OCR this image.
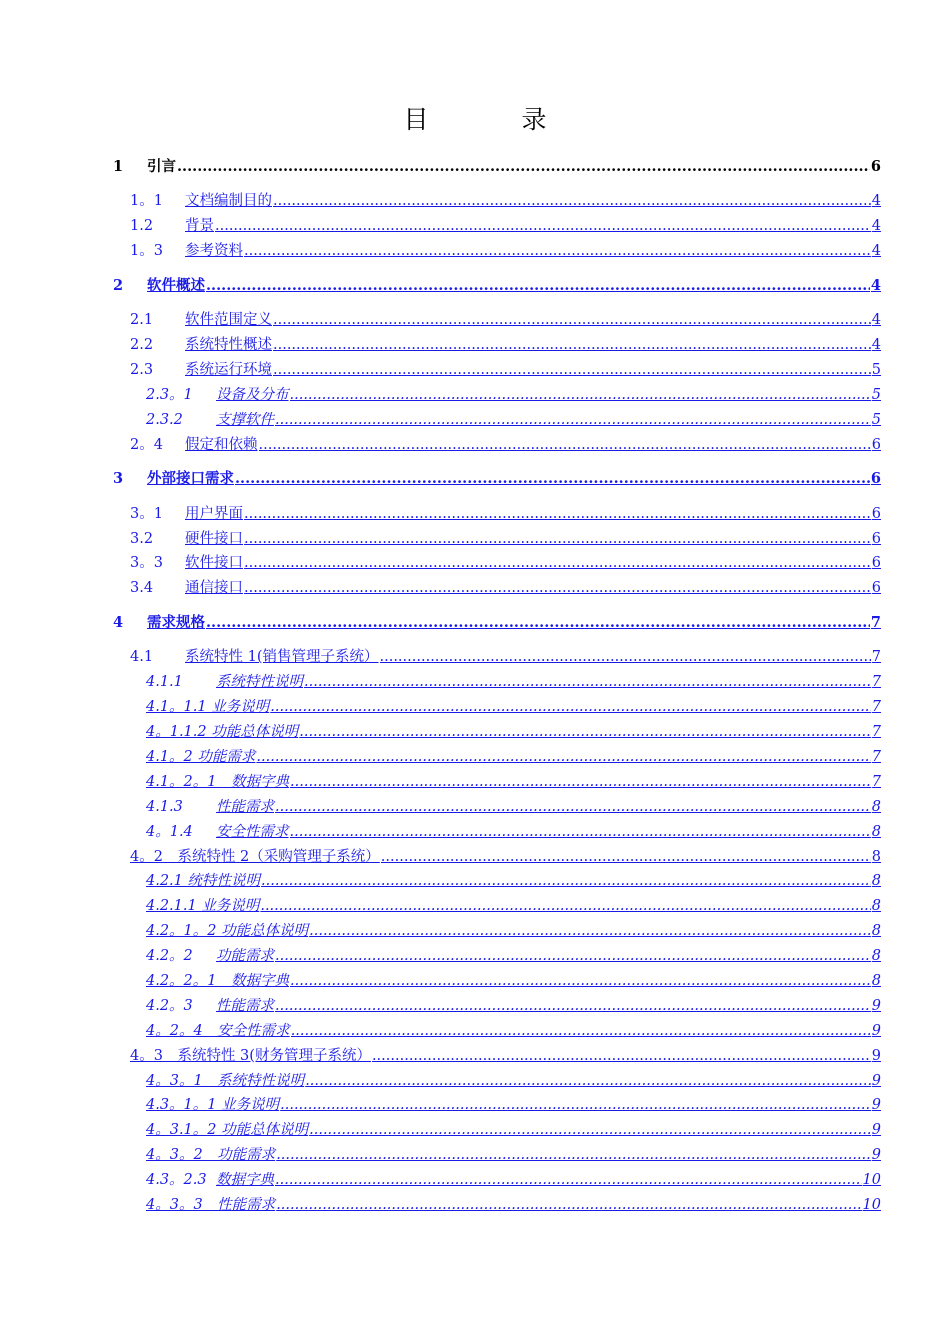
目　录
1 引言 .....	6
1。1 文档编制目的 .....	4
1.2 背景 .....	4
1。3 参考资料 .....	4
2 软件概述 .....	4
2.1 软件范围定义 .....	4
2.2 系统特性概述 .....	4
2.3 系统运行环境 .....	5
2.3。1 设备及分布 .....	5
2.3.2 支撑软件 .....	5
2。4 假定和依赖 .....	6
3 外部接口需求 .....	6
3。1 用户界面 .....	6
3.2 硬件接口 .....	6
3。3 软件接口 .....	6
3.4 通信接口 .....	6
4 需求规格 .....	7
4.1 系统特性 1(销售管理子系统） .....	7
4.1.1 系统特性说明 .....	7
4.1。1.1 业务说明 .....	7
4。1.1.2 功能总体说明 .....	7
4.1。2 功能需求 .....	7
4.1。2。1　数据字典 .....	7
4.1.3 性能需求 .....	8
4。1.4 安全性需求 .....	8
4。2　系统特性 2（采购管理子系统） .....	8
4.2.1 统特性说明 .....	8
4.2.1.1 业务说明 .....	8
4.2。1。2 功能总体说明 .....	8
4.2。2 功能需求 .....	8
4.2。2。1　数据字典 .....	8
4.2。3 性能需求 .....	9
4。2。4　安全性需求 .....	9
4。3　系统特性 3(财务管理子系统） .....	9
4。3。1　系统特性说明 .....	9
4.3。1。1 业务说明 .....	9
4。3.1。2 功能总体说明 .....	9
4。3。2　功能需求 .....	9
4.3。2.3 数据字典 .....	10
4。3。3　性能需求 .....	10
